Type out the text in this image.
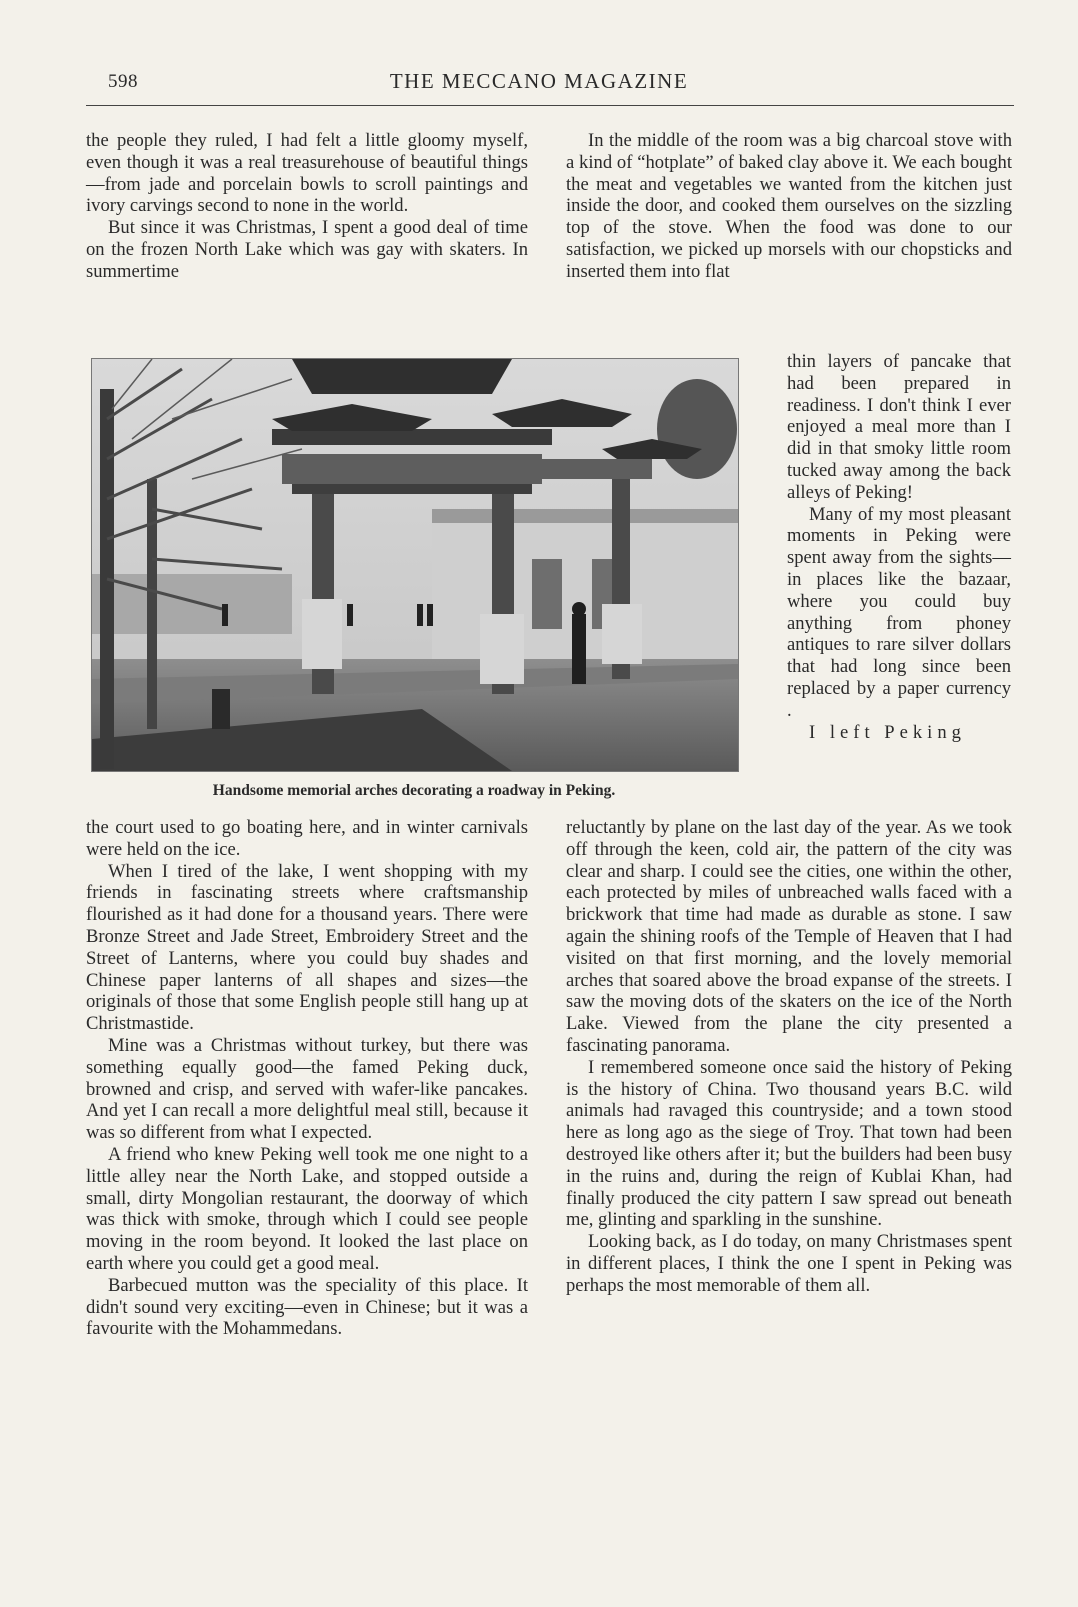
598	THE MECCANO MAGAZINE

the people they ruled, I had felt a little gloomy myself, even though it was a real treasurehouse of beautiful things—from jade and porcelain bowls to scroll paintings and ivory carvings second to none in the world.

But since it was Christmas, I spent a good deal of time on the frozen North Lake which was gay with skaters. In summertime

In the middle of the room was a big charcoal stove with a kind of “hotplate” of baked clay above it. We each bought the meat and vegetables we wanted from the kitchen just inside the door, and cooked them ourselves on the sizzling top of the stove. When the food was done to our satisfaction, we picked up morsels with our chopsticks and inserted them into flat

Handsome memorial arches decorating a roadway in Peking.

thin layers of pancake that had been prepared in readiness. I don't think I ever enjoyed a meal more than I did in that smoky little room tucked away among the back alleys of Peking!

Many of my most pleasant moments in Peking were spent away from the sights—in places like the bazaar, where you could buy anything from phoney antiques to rare silver dollars that had long since been replaced by a paper currency .

I left Peking

the court used to go boating here, and in winter carnivals were held on the ice.

When I tired of the lake, I went shopping with my friends in fascinating streets where craftsmanship flourished as it had done for a thousand years. There were Bronze Street and Jade Street, Embroidery Street and the Street of Lanterns, where you could buy shades and Chinese paper lanterns of all shapes and sizes—the originals of those that some English people still hang up at Christmastide.

Mine was a Christmas without turkey, but there was something equally good—the famed Peking duck, browned and crisp, and served with wafer-like pancakes. And yet I can recall a more delightful meal still, because it was so different from what I expected.

A friend who knew Peking well took me one night to a little alley near the North Lake, and stopped outside a small, dirty Mongolian restaurant, the doorway of which was thick with smoke, through which I could see people moving in the room beyond. It looked the last place on earth where you could get a good meal.

Barbecued mutton was the speciality of this place. It didn't sound very exciting—even in Chinese; but it was a favourite with the Mohammedans.

reluctantly by plane on the last day of the year. As we took off through the keen, cold air, the pattern of the city was clear and sharp. I could see the cities, one within the other, each protected by miles of unbreached walls faced with a brickwork that time had made as durable as stone. I saw again the shining roofs of the Temple of Heaven that I had visited on that first morning, and the lovely memorial arches that soared above the broad expanse of the streets. I saw the moving dots of the skaters on the ice of the North Lake. Viewed from the plane the city presented a fascinating panorama.

I remembered someone once said the history of Peking is the history of China. Two thousand years B.C. wild animals had ravaged this countryside; and a town stood here as long ago as the siege of Troy. That town had been destroyed like others after it; but the builders had been busy in the ruins and, during the reign of Kublai Khan, had finally produced the city pattern I saw spread out beneath me, glinting and sparkling in the sunshine.

Looking back, as I do today, on many Christmases spent in different places, I think the one I spent in Peking was perhaps the most memorable of them all.
